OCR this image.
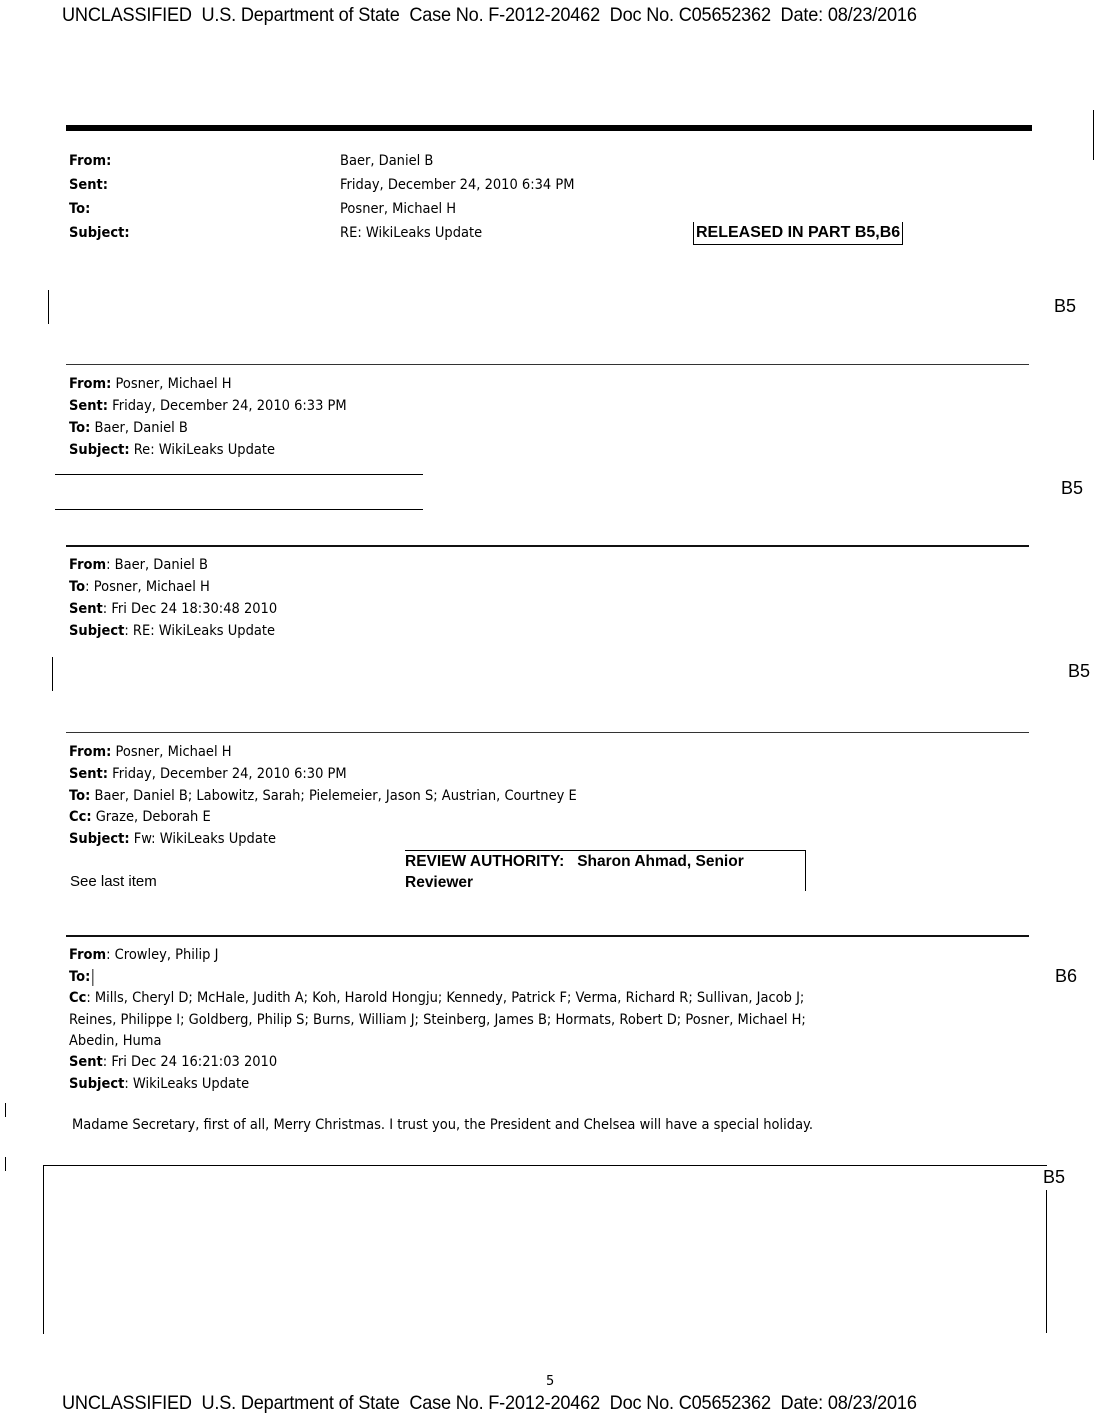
UNCLASSIFIED  U.S. Department of State  Case No. F-2012-20462  Doc No. C05652362  Date: 08/23/2016
From:	Baer, Daniel B
Sent:	Friday, December 24, 2010 6:34 PM
To:	Posner, Michael H
Subject:	RE: WikiLeaks Update	RELEASED IN PART B5,B6
B5
From: Posner, Michael H
Sent: Friday, December 24, 2010 6:33 PM
To: Baer, Daniel B
Subject: Re: WikiLeaks Update
B5
From: Baer, Daniel B
To: Posner, Michael H
Sent: Fri Dec 24 18:30:48 2010
Subject: RE: WikiLeaks Update
B5
From: Posner, Michael H
Sent: Friday, December 24, 2010 6:30 PM
To: Baer, Daniel B; Labowitz, Sarah; Pielemeier, Jason S; Austrian, Courtney E
Cc: Graze, Deborah E
Subject: Fw: WikiLeaks Update
REVIEW AUTHORITY:   Sharon Ahmad, Senior
Reviewer
See last item
From: Crowley, Philip J
To:
Cc: Mills, Cheryl D; McHale, Judith A; Koh, Harold Hongju; Kennedy, Patrick F; Verma, Richard R; Sullivan, Jacob J;
Reines, Philippe I; Goldberg, Philip S; Burns, William J; Steinberg, James B; Hormats, Robert D; Posner, Michael H;
Abedin, Huma
Sent: Fri Dec 24 16:21:03 2010
Subject: WikiLeaks Update
B6
Madame Secretary, first of all, Merry Christmas. I trust you, the President and Chelsea will have a special holiday.
B5
5
UNCLASSIFIED  U.S. Department of State  Case No. F-2012-20462  Doc No. C05652362  Date: 08/23/2016
